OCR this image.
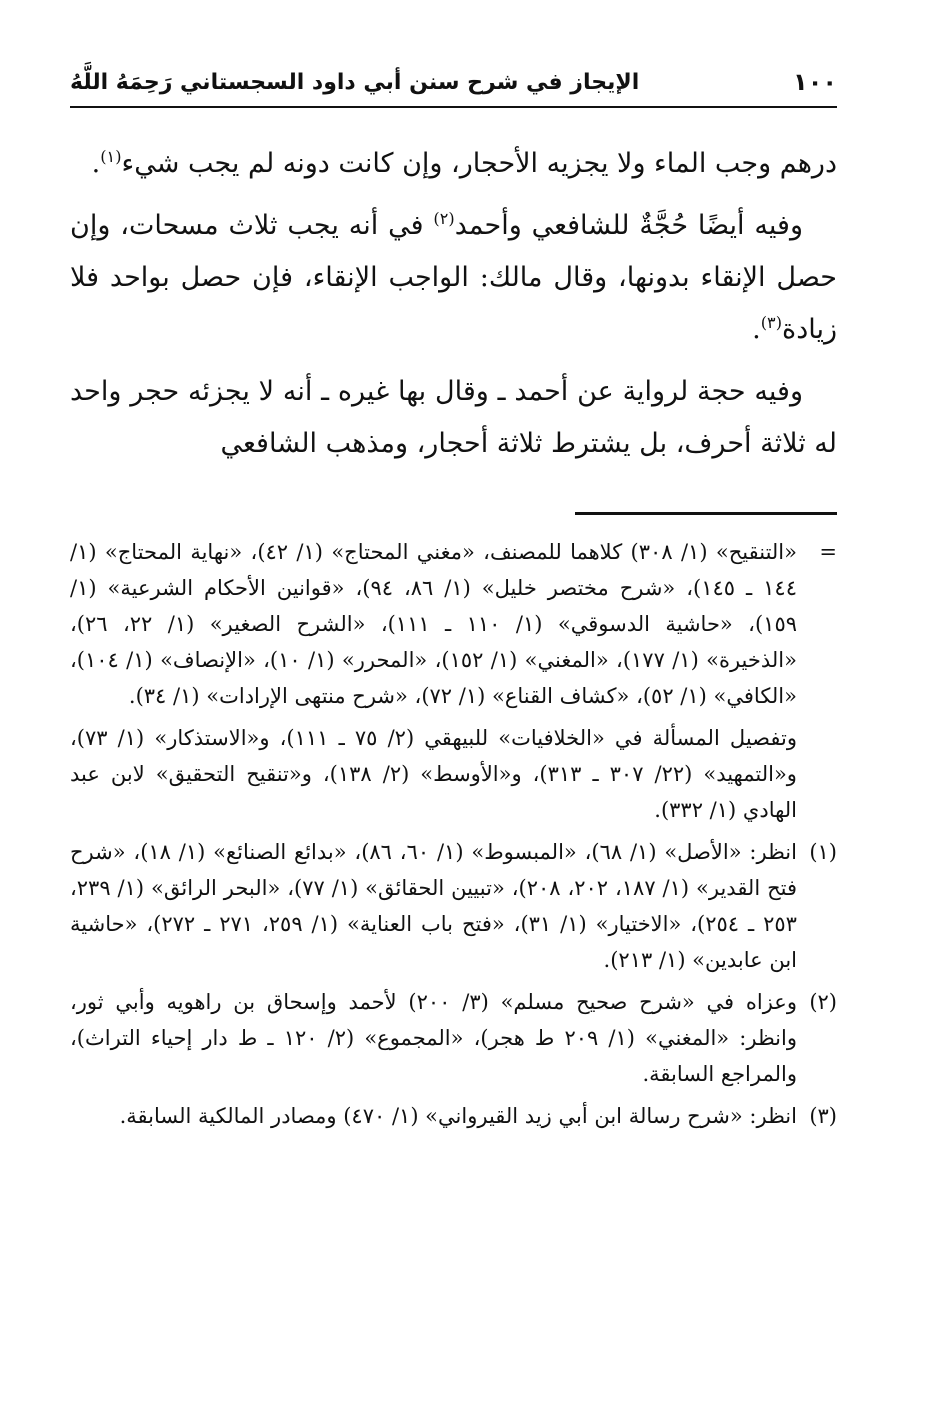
١٠٠
الإيجاز في شرح سنن أبي داود السجستاني رَحِمَهُ اللَّهُ

درهم وجب الماء ولا يجزيه الأحجار، وإن كانت دونه لم يجب شيء$^{(١)}$.

وفيه أيضًا حُجَّةٌ للشافعي وأحمد$^{(٢)}$ في أنه يجب ثلاث مسحات، وإن حصل الإنقاء بدونها، وقال مالك: الواجب الإنقاء، فإن حصل بواحد فلا زيادة$^{(٣)}$.

وفيه حجة لرواية عن أحمد ـ وقال بها غيره ـ أنه لا يجزئه حجر واحد له ثلاثة أحرف، بل يشترط ثلاثة أحجار، ومذهب الشافعي

=
«التنقيح» (١/ ٣٠٨) كلاهما للمصنف، «مغني المحتاج» (١/ ٤٢)، «نهاية المحتاج» (١/ ١٤٤ ـ ١٤٥)، «شرح مختصر خليل» (١/ ٨٦، ٩٤)، «قوانين الأحكام الشرعية» (١/ ١٥٩)، «حاشية الدسوقي» (١/ ١١٠ ـ ١١١)، «الشرح الصغير» (١/ ٢٢، ٢٦)، «الذخيرة» (١/ ١٧٧)، «المغني» (١/ ١٥٢)، «المحرر» (١/ ١٠)، «الإنصاف» (١/ ١٠٤)، «الكافي» (١/ ٥٢)، «كشاف القناع» (١/ ٧٢)، «شرح منتهى الإرادات» (١/ ٣٤).
وتفصيل المسألة في «الخلافيات» للبيهقي (٢/ ٧٥ ـ ١١١)، و«الاستذكار» (١/ ٧٣)، و«التمهيد» (٢٢/ ٣٠٧ ـ ٣١٣)، و«الأوسط» (٢/ ١٣٨)، و«تنقيح التحقيق» لابن عبد الهادي (١/ ٣٣٢).
(١)
انظر: «الأصل» (١/ ٦٨)، «المبسوط» (١/ ٦٠، ٨٦)، «بدائع الصنائع» (١/ ١٨)، «شرح فتح القدير» (١/ ١٨٧، ٢٠٢، ٢٠٨)، «تبيين الحقائق» (١/ ٧٧)، «البحر الرائق» (١/ ٢٣٩، ٢٥٣ ـ ٢٥٤)، «الاختيار» (١/ ٣١)، «فتح باب العناية» (١/ ٢٥٩، ٢٧١ ـ ٢٧٢)، «حاشية ابن عابدين» (١/ ٢١٣).
(٢)
وعزاه في «شرح صحيح مسلم» (٣/ ٢٠٠) لأحمد وإسحاق بن راهويه وأبي ثور، وانظر: «المغني» (١/ ٢٠٩ ط هجر)، «المجموع» (٢/ ١٢٠ ـ ط دار إحياء التراث)، والمراجع السابقة.
(٣)
انظر: «شرح رسالة ابن أبي زيد القيرواني» (١/ ٤٧٠) ومصادر المالكية السابقة.
